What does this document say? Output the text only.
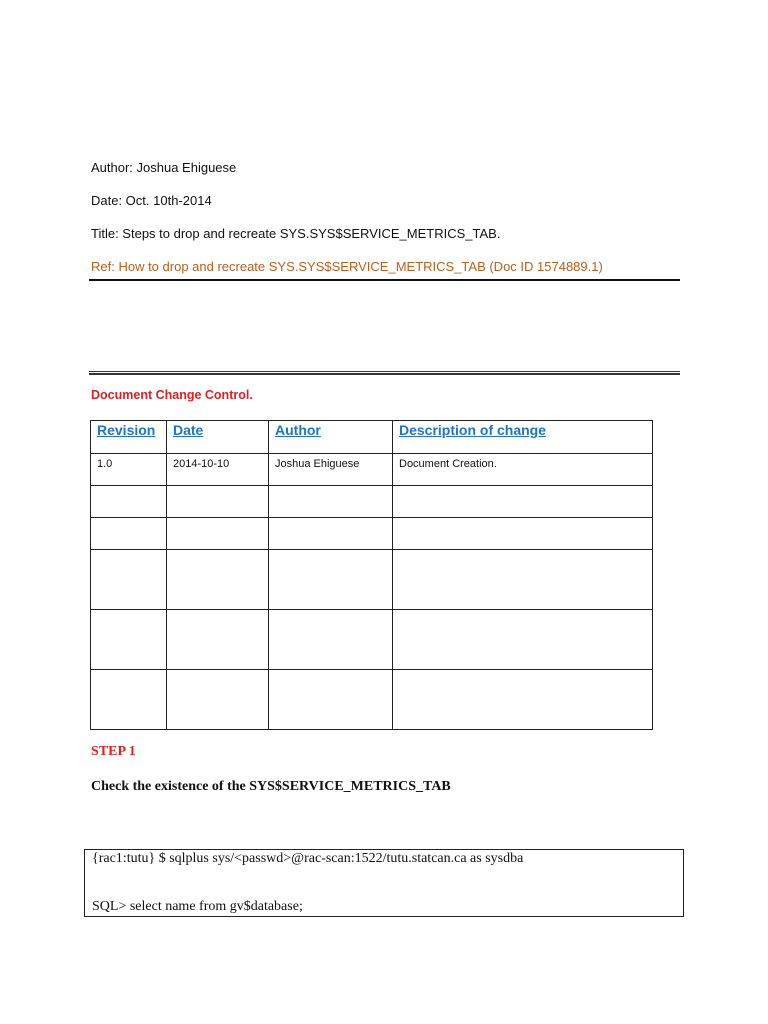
Author: Joshua Ehiguese
Date: Oct. 10th-2014
Title: Steps to drop and recreate SYS.SYS$SERVICE_METRICS_TAB.
Ref: How to drop and recreate SYS.SYS$SERVICE_METRICS_TAB (Doc ID 1574889.1)
Document Change Control.
Revision	Date	Author	Description of change
1.0	2014-10-10	Joshua Ehiguese	Document Creation.

STEP 1
Check the existence of the SYS$SERVICE_METRICS_TAB
{rac1:tutu} $ sqlplus sys/<passwd>@rac-scan:1522/tutu.statcan.ca as sysdba
SQL> select name from gv$database;
